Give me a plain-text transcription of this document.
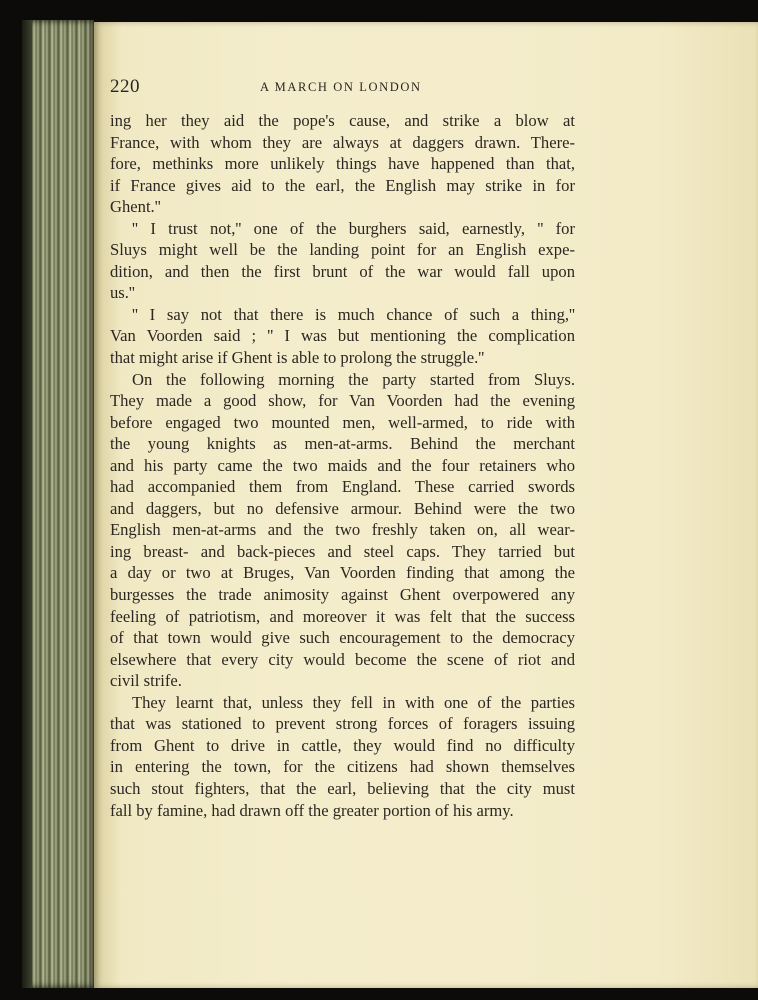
220	A MARCH ON LONDON
ing her they aid the pope's cause, and strike a blow at
France, with whom they are always at daggers drawn. There-
fore, methinks more unlikely things have happened than that,
if France gives aid to the earl, the English may strike in for
Ghent.''
'' I trust not,'' one of the burghers said, earnestly, '' for
Sluys might well be the landing point for an English expe-
dition, and then the first brunt of the war would fall upon
us.''
'' I say not that there is much chance of such a thing,''
Van Voorden said ; '' I was but mentioning the complication
that might arise if Ghent is able to prolong the struggle.''
On the following morning the party started from Sluys.
They made a good show, for Van Voorden had the evening
before engaged two mounted men, well-armed, to ride with
the young knights as men-at-arms. Behind the merchant
and his party came the two maids and the four retainers who
had accompanied them from England. These carried swords
and daggers, but no defensive armour. Behind were the two
English men-at-arms and the two freshly taken on, all wear-
ing breast- and back-pieces and steel caps. They tarried but
a day or two at Bruges, Van Voorden finding that among the
burgesses the trade animosity against Ghent overpowered any
feeling of patriotism, and moreover it was felt that the success
of that town would give such encouragement to the democracy
elsewhere that every city would become the scene of riot and
civil strife.
They learnt that, unless they fell in with one of the parties
that was stationed to prevent strong forces of foragers issuing
from Ghent to drive in cattle, they would find no difficulty
in entering the town, for the citizens had shown themselves
such stout fighters, that the earl, believing that the city must
fall by famine, had drawn off the greater portion of his army.
